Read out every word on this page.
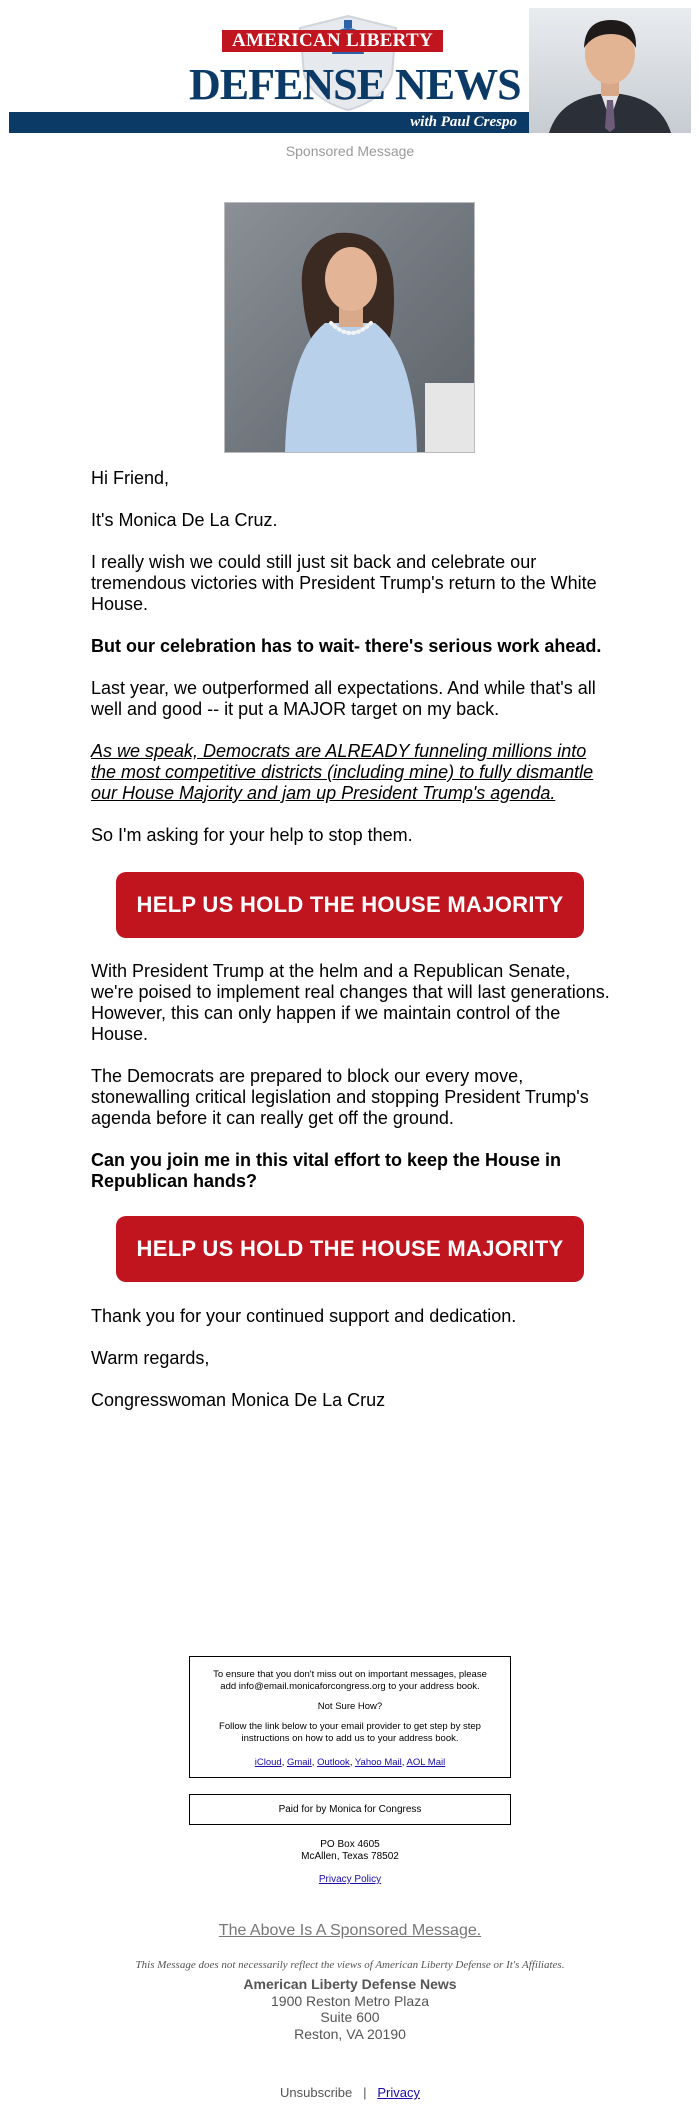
AMERICAN LIBERTY
DEFENSE NEWS
with Paul Crespo
Sponsored Message

Hi Friend,

It's Monica De La Cruz.

I really wish we could still just sit back and celebrate our tremendous victories with President Trump's return to the White House.

But our celebration has to wait- there's serious work ahead.

Last year, we outperformed all expectations. And while that's all well and good -- it put a MAJOR target on my back.

As we speak, Democrats are ALREADY funneling millions into the most competitive districts (including mine) to fully dismantle our House Majority and jam up President Trump's agenda.

So I'm asking for your help to stop them.

HELP US HOLD THE HOUSE MAJORITY

With President Trump at the helm and a Republican Senate, we're poised to implement real changes that will last generations. However, this can only happen if we maintain control of the House.

The Democrats are prepared to block our every move, stonewalling critical legislation and stopping President Trump's agenda before it can really get off the ground.

Can you join me in this vital effort to keep the House in Republican hands?

HELP US HOLD THE HOUSE MAJORITY

Thank you for your continued support and dedication.

Warm regards,

Congresswoman Monica De La Cruz

To ensure that you don't miss out on important messages, please add info@email.monicaforcongress.org to your address book.

Not Sure How?

Follow the link below to your email provider to get step by step instructions on how to add us to your address book.

iCloud, Gmail, Outlook, Yahoo Mail, AOL Mail

Paid for by Monica for Congress
PO Box 4605
McAllen, Texas 78502
Privacy Policy
The Above Is A Sponsored Message.
This Message does not necessarily reflect the views of American Liberty Defense or It's Affiliates.
American Liberty Defense News
1900 Reston Metro Plaza
Suite 600
Reston, VA 20190
Unsubscribe | Privacy
